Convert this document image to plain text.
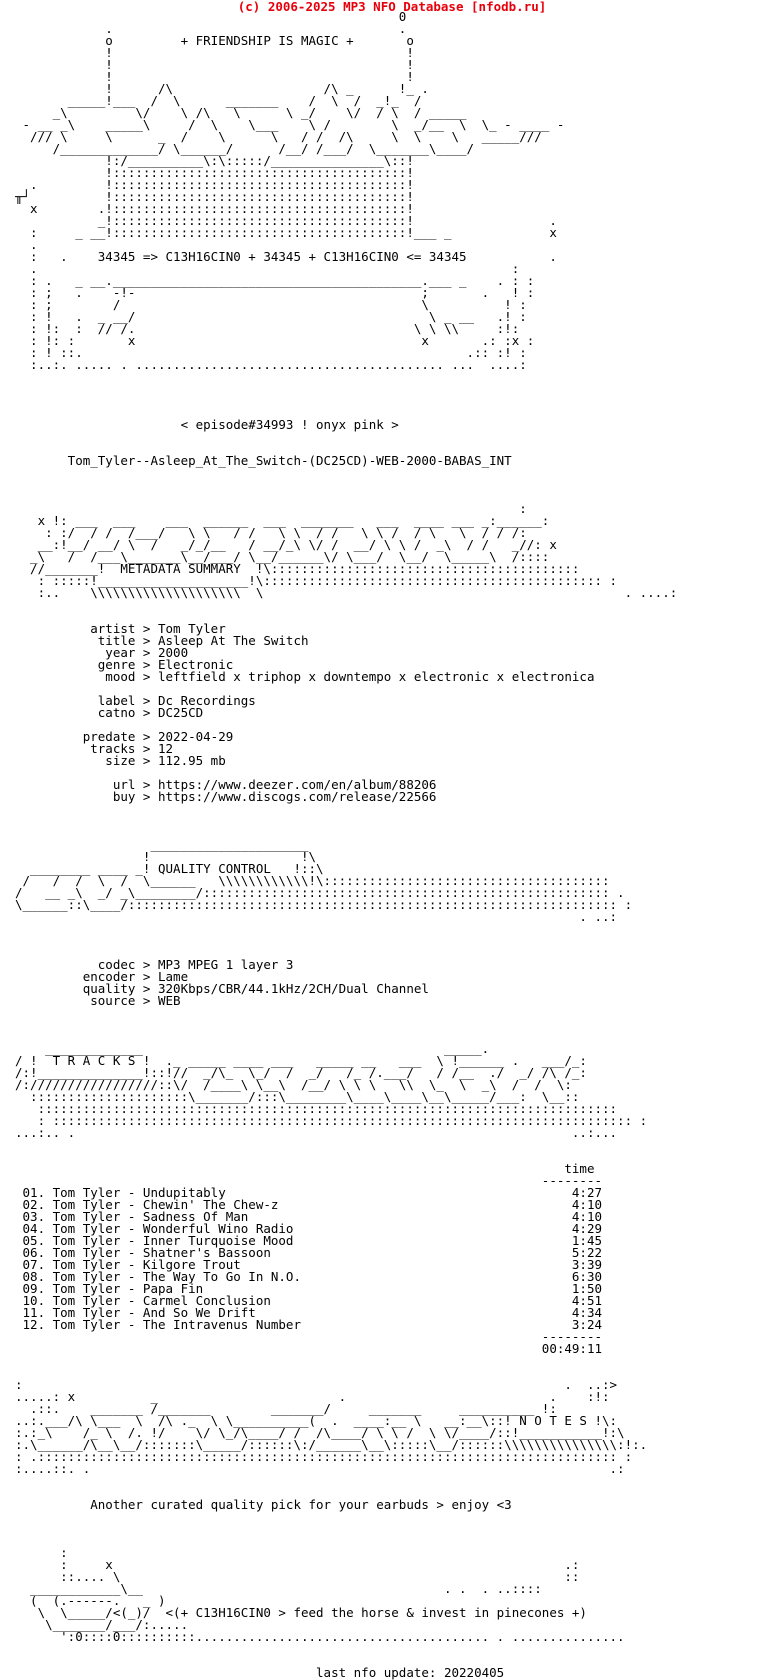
(c) 2006-2025 MP3 NFO Database [nfodb.ru]
0
.                                      .
o         + FRIENDSHIP IS MAGIC +       o
!                                       !
!                                       !
!                                       !
!      /\                    /\ _      !_ .
_____!___  /  \      _______    /  \  /  _!_  /
_\         \/    \ /\   \      \ _/    \/  / \  / _____
- __ _\    _____\     /  \    \___    \ /        \  _/__  \  \_ - ____ -
/// \     \      _  /    \      \   / /  /\     \  \    \   _____///
/_____________/ \______/      /__/ /___/  \_______\____/
!:/__________\:\:::::/_______________\::!
!:::::::::::::::::::::::::::::::::::::::!
.         !:::::::::::::::::::::::::::::::::::::::!
╥┘          !:::::::::::::::::::::::::::::::::::::::!
x        .!:::::::::::::::::::::::::::::::::::::::!
_!:::::::::::::::::::::::::::::::::::::::!                  .
:     _ __!:::::::::::::::::::::::::::::::::::::::!___ _             x
.
:   .    34345 => C13H16CIN0 + 34345 + C13H16CIN0 <= 34345           .
.                                                               :
: .   _ __._________________________________________.___ _    . : :
: ;   .    -!-                                      ;       .   ! :
: ;        /                                        \          ! :
: !   .  _ __/                                       \ _ __   .! :
: !:  :  // /.                                     \ \ \\     :!:
: !: :       x                                      x       .: :x :
: ! ::.                                                   .:: :! :
:..:. ..... . ......................................... ...  ....:
< episode#34993 ! onyx pink >
Tom_Tyler--Asleep_At_The_Switch-(DC25CD)-WEB-2000-BABAS_INT
:
x !: ___  ___    ___  ______  ___  _______   ___  ____ ___ _:______:
: :/  / /  /___/   \ \   / /   \ \  / /   \ \ /  / \   \  / / /:
__:!__/ __/ \  /   _/_/__   / __/_\ \/ /  __/ \ \ /  _\  / /   _//: x
_\   /  /___\_______\__/___/ \__/______\/ \___/  \__/  \_____\  /::::
//_______!  METADATA SUMMARY  !\:::::::::::::::::::::::::::::::::::::::::
: :::::!____________________!\::::::::::::::::::::::::::::::::::::::::::::: :
:..    \\\\\\\\\\\\\\\\\\\\  \                                                . ....:
artist > Tom Tyler
title > Asleep At The Switch
year > 2000
genre > Electronic
mood > leftfield x triphop x downtempo x electronic x electronica
label > Dc Recordings
catno > DC25CD
predate > 2022-04-29
tracks > 12
size > 112.95 mb
url > https://www.deezer.com/en/album/88206
buy > https://www.discogs.com/release/22566
_____________________
!                    !\
________ ____ _! QUALITY CONTROL   !::\
/   /  /  \  /  \______   \\\\\\\\\\\\!\::::::::::::::::::::::::::::::::::::::
/   __ _\  _/ _\________/:::::::::::::::::::::::::::::::::::::::::::::::::::::: .
\______::\____/::::::::::::::::::::::::::::::::::::::::::::::::::::::::::::::::: :
. ..:
codec > MP3 MPEG 1 layer 3
encoder > Lame
quality > 320Kbps/CBR/44.1kHz/2CH/Dual Channel
source > WEB
_____________                                        _____.
/ !  T R A C K S !  ._ _____ ____ ___   _____ __   ___  \ !______ .   ___/_:
/:!______________!::!//  _/\_  \_/  /  _/   /_ /.___/   / /__  ./  _/ /\ /_:
/://///////////////::\/  /____\ \__\  /__/ \ \ \   \\  \_  \  _\  /  /  \:
:::::::::::::::::::::\_______/:::\________\____\____\__\_____/___:  \__::
:::::::::::::::::::::::::::::::::::::::::::::::::::::::::::::::::::::::::::::
: ::::::::::::::::::::::::::::::::::::::::::::::::::::::::::::::::::::::::::::: :
...:.. .                                                                  ..:...
time
--------
01. Tom Tyler - Undupitably                                              4:27
02. Tom Tyler - Chewin' The Chew-z                                       4:10
03. Tom Tyler - Sadness Of Man                                           4:10
04. Tom Tyler - Wonderful Wino Radio                                     4:29
05. Tom Tyler - Inner Turquoise Mood                                     1:45
06. Tom Tyler - Shatner's Bassoon                                        5:22
07. Tom Tyler - Kilgore Trout                                            3:39
08. Tom Tyler - The Way To Go In N.O.                                    6:30
09. Tom Tyler - Papa Fin                                                 1:50
10. Tom Tyler - Carmel Conclusion                                        4:51
11. Tom Tyler - And So We Drift                                          4:34
12. Tom Tyler - The Intravenus Number                                    3:24
--------
00:49:11
:                                                                        .  ..:>
.....: x          _                        .                           .    :!:
.::.    _______ /_______        _______/     _______     __________ !:
..:.___/\ \___  \  /\ ._  \ \__________(  .  ____:__ \   __:__\::! N O T E S !\:
:.:_\    /_ \  /. !/    \/ \_/\____/ /  /\____/ \ \ /  \ \/____/::!___________!:\
:.\______/\__\__/:::::::\_____/::::::\:/______\__\:::::\__/::::::\\\\\\\\\\\\\\\:!:.
: .::::::::::::::::::::::::::::::::::::::::::::::::::::::::::::::::::::::::::::: :
:....::. .                                                                     .:
Another curated quality pick for your earbuds > enjoy <3
:
:     x                                                            .:
::.... \                                                           ::
____________\__                                        . .  . ..::::
(  (.------.   _ )
\  \_____/<(_)/  <(+ C13H16CIN0 > feed the horse & invest in pinecones +)
\_______/___/:.....
':0::::0::::::::::....................................... . ...............
last nfo update: 20220405
